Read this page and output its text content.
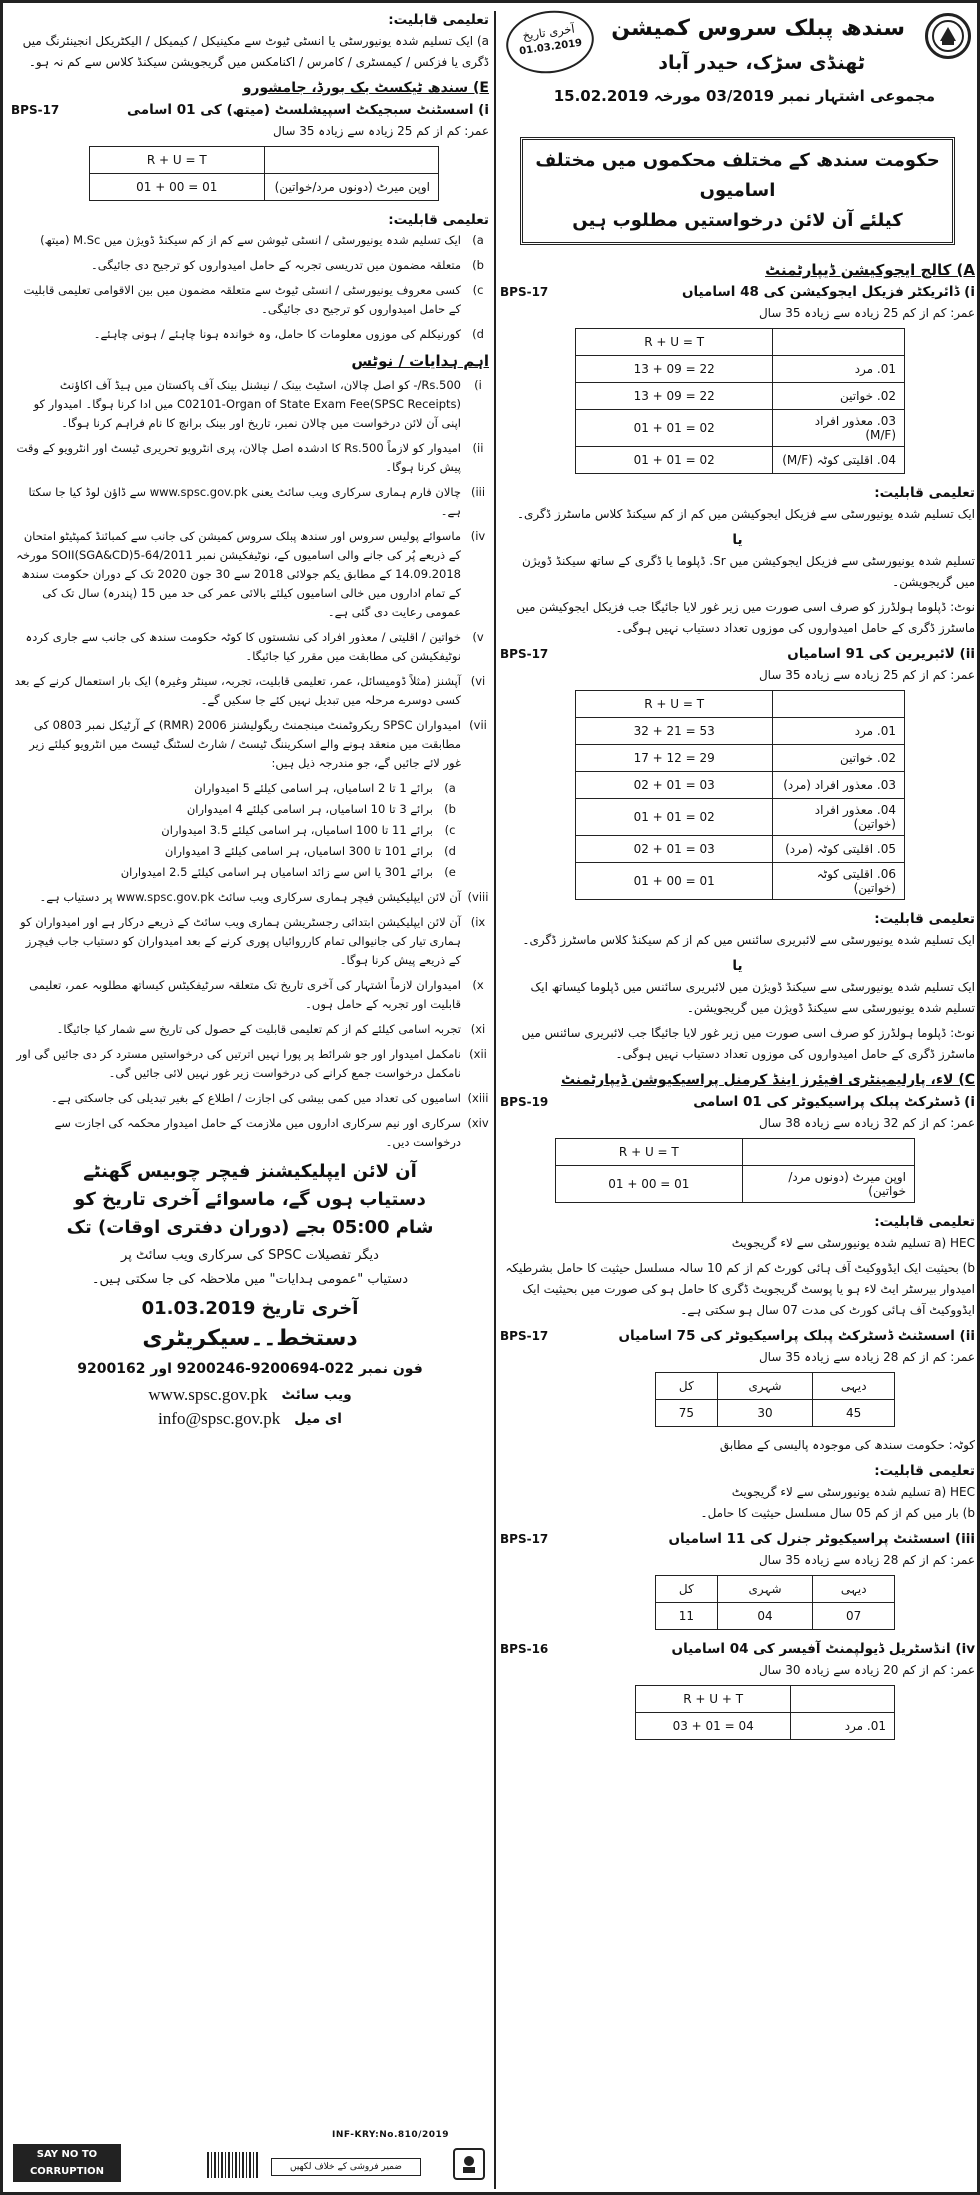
سندھ پبلک سروس کمیشن
ٹھنڈی سڑک، حیدر آباد
آخری تاریخ
01.03.2019
مجموعی اشتہار نمبر 03/2019 مورخہ 15.02.2019
حکومت سندھ کے مختلف محکموں میں مختلف اسامیوں
کیلئے آن لائن درخواستیں مطلوب ہیں
A) کالج ایجوکیشن ڈیپارٹمنٹ
BPS-17	i) ڈائریکٹر فزیکل ایجوکیشن کی 48 اسامیاں
عمر: کم از کم 25 زیادہ سے زیادہ 35 سال
R + U = T	
13 + 09 = 22	01. مرد
13 + 09 = 22	02. خواتین
01 + 01 = 02	03. معذور افراد (M/F)
01 + 01 = 02	04. اقلیتی کوٹہ (M/F)
تعلیمی قابلیت:
ایک تسلیم شدہ یونیورسٹی سے فزیکل ایجوکیشن میں کم از کم سیکنڈ کلاس ماسٹرز ڈگری۔
یا
تسلیم شدہ یونیورسٹی سے فزیکل ایجوکیشن میں Sr. ڈپلوما یا ڈگری کے ساتھ سیکنڈ ڈویژن میں گریجویشن۔
نوٹ: ڈپلوما ہولڈرز کو صرف اسی صورت میں زیر غور لایا جائیگا جب فزیکل ایجوکیشن میں ماسٹرز ڈگری کے حامل امیدواروں کی موزوں تعداد دستیاب نہیں ہوگی۔
BPS-17	ii) لائبریرین کی 91 اسامیاں
عمر: کم از کم 25 زیادہ سے زیادہ 35 سال
R + U = T	
32 + 21 = 53	01. مرد
17 + 12 = 29	02. خواتین
02 + 01 = 03	03. معذور افراد (مرد)
01 + 01 = 02	04. معذور افراد (خواتین)
02 + 01 = 03	05. اقلیتی کوٹہ (مرد)
01 + 00 = 01	06. اقلیتی کوٹہ (خواتین)
تعلیمی قابلیت:
ایک تسلیم شدہ یونیورسٹی سے لائبریری سائنس میں کم از کم سیکنڈ کلاس ماسٹرز ڈگری۔
یا
ایک تسلیم شدہ یونیورسٹی سے سیکنڈ ڈویژن میں لائبریری سائنس میں ڈپلوما کیساتھ ایک تسلیم شدہ یونیورسٹی سے سیکنڈ ڈویژن میں گریجویشن۔
نوٹ: ڈپلوما ہولڈرز کو صرف اسی صورت میں زیر غور لایا جائیگا جب لائبریری سائنس میں ماسٹرز ڈگری کے حامل امیدواروں کی موزوں تعداد دستیاب نہیں ہوگی۔
C) لاء، پارلیمینٹری افیئرز اینڈ کرمنل پراسیکیوشن ڈیپارٹمنٹ
BPS-19	i) ڈسٹرکٹ پبلک پراسیکیوٹر کی 01 اسامی
عمر: کم از کم 32 زیادہ سے زیادہ 38 سال
R + U = T	
01 + 00 = 01	اوپن میرٹ (دونوں مرد/خواتین)
تعلیمی قابلیت:
a) HEC تسلیم شدہ یونیورسٹی سے لاء گریجویٹ
b) بحیثیت ایک ایڈووکیٹ آف ہائی کورٹ کم از کم 10 سالہ مسلسل حیثیت کا حامل بشرطیکہ امیدوار بیرسٹر ایٹ لاء ہو یا پوسٹ گریجویٹ ڈگری کا حامل ہو کی صورت میں بحیثیت ایک ایڈووکیٹ آف ہائی کورٹ کی مدت 07 سال ہو سکتی ہے۔
BPS-17	ii) اسسٹنٹ ڈسٹرکٹ پبلک پراسیکیوٹر کی 75 اسامیاں
عمر: کم از کم 28 زیادہ سے زیادہ 35 سال
کل	شہری	دیہی
75	30	45
کوٹہ: حکومت سندھ کی موجودہ پالیسی کے مطابق
تعلیمی قابلیت:
a) HEC تسلیم شدہ یونیورسٹی سے لاء گریجویٹ
b) بار میں کم از کم 05 سال مسلسل حیثیت کا حامل۔
BPS-17	iii) اسسٹنٹ پراسیکیوٹر جنرل کی 11 اسامیاں
عمر: کم از کم 28 زیادہ سے زیادہ 35 سال
کل	شہری	دیہی
11	04	07
BPS-16	iv) انڈسٹریل ڈیولپمنٹ آفیسر کی 04 اسامیاں
عمر: کم از کم 20 زیادہ سے زیادہ 30 سال
R + U + T	
03 + 01 = 04	01. مرد
تعلیمی قابلیت:
a) ایک تسلیم شدہ یونیورسٹی یا انسٹی ٹیوٹ سے مکینیکل / کیمیکل / الیکٹریکل انجینئرنگ میں ڈگری یا فزکس / کیمسٹری / کامرس / اکنامکس میں گریجویشن سیکنڈ کلاس سے کم نہ ہو۔
E) سندھ ٹیکسٹ بک بورڈ، جامشورو
BPS-17	i) اسسٹنٹ سبجیکٹ اسپیشلسٹ (میتھ) کی 01 اسامی
عمر: کم از کم 25 زیادہ سے زیادہ 35 سال
R + U = T	
01 + 00 = 01	اوپن میرٹ (دونوں مرد/خواتین)
تعلیمی قابلیت:
a)
ایک تسلیم شدہ یونیورسٹی / انسٹی ٹیوشن سے کم از کم سیکنڈ ڈویژن میں M.Sc (میتھ)
b)
متعلقہ مضمون میں تدریسی تجربہ کے حامل امیدواروں کو ترجیح دی جائیگی۔
c)
کسی معروف یونیورسٹی / انسٹی ٹیوٹ سے متعلقہ مضمون میں بین الاقوامی تعلیمی قابلیت کے حامل امیدواروں کو ترجیح دی جائیگی۔
d)
کورنیکلم کی موزوں معلومات کا حامل، وہ خواندہ ہونا چاہئے / ہونی چاہئے۔
اہم ہدایات / نوٹس
i)
Rs.500/- کو اصل چالان، اسٹیٹ بینک / نیشنل بینک آف پاکستان میں ہیڈ آف اکاؤنٹ C02101-Organ of State Exam Fee(SPSC Receipts) میں ادا کرنا ہوگا۔ امیدوار کو اپنی آن لائن درخواست میں چالان نمبر، تاریخ اور بینک برانچ کا نام فراہم کرنا ہوگا۔
ii)
امیدوار کو لازماً Rs.500 کا ادشدہ اصل چالان، پری انٹرویو تحریری ٹیسٹ اور انٹرویو کے وقت پیش کرنا ہوگا۔
iii)
چالان فارم ہماری سرکاری ویب سائٹ یعنی www.spsc.gov.pk سے ڈاؤن لوڈ کیا جا سکتا ہے۔
iv)
ماسوائے پولیس سروس اور سندھ پبلک سروس کمیشن کی جانب سے کمبائنڈ کمپٹیٹو امتحان کے ذریعے پُر کی جانے والی اسامیوں کے، نوٹیفکیشن نمبر SOII(SGA&CD)5-64/2011 مورخہ 14.09.2018 کے مطابق یکم جولائی 2018 سے 30 جون 2020 تک کے دوران حکومت سندھ کے تمام اداروں میں خالی اسامیوں کیلئے بالائی عمر کی حد میں 15 (پندرہ) سال تک کی عمومی رعایت دی گئی ہے۔
v)
خواتین / اقلیتی / معذور افراد کی نشستوں کا کوٹہ حکومت سندھ کی جانب سے جاری کردہ نوٹیفکیشن کی مطابقت میں مقرر کیا جائیگا۔
vi)
آپشنز (مثلاً ڈومیسائل، عمر، تعلیمی قابلیت، تجربہ، سینٹر وغیرہ) ایک بار استعمال کرنے کے بعد کسی دوسرے مرحلہ میں تبدیل نہیں کئے جا سکیں گے۔
vii)
امیدواران SPSC ریکروٹمنٹ مینجمنٹ ریگولیشنز 2006 (RMR) کے آرٹیکل نمبر 0803 کی مطابقت میں منعقد ہونے والے اسکریننگ ٹیسٹ / شارٹ لسٹنگ ٹیسٹ میں انٹرویو کیلئے زیر غور لائے جائیں گے، جو مندرجہ ذیل ہیں:
a)
برائے 1 تا 2 اسامیاں، ہر اسامی کیلئے 5 امیدواران
b)
برائے 3 تا 10 اسامیاں، ہر اسامی کیلئے 4 امیدواران
c)
برائے 11 تا 100 اسامیاں، ہر اسامی کیلئے 3.5 امیدواران
d)
برائے 101 تا 300 اسامیاں، ہر اسامی کیلئے 3 امیدواران
e)
برائے 301 یا اس سے زائد اسامیاں ہر اسامی کیلئے 2.5 امیدواران
viii)
آن لائن ایپلیکیشن فیچر ہماری سرکاری ویب سائٹ www.spsc.gov.pk پر دستیاب ہے۔
ix)
آن لائن ایپلیکیشن ابتدائی رجسٹریشن ہماری ویب سائٹ کے ذریعے درکار ہے اور امیدواران کو ہماری تیار کی جانیوالی تمام کارروائیاں پوری کرنے کے بعد امیدواران کو دستیاب جاب فیچرز کے ذریعے پیش کرنا ہوگا۔
x)
امیدواران لازماً اشتہار کی آخری تاریخ تک متعلقہ سرٹیفکیٹس کیساتھ مطلوبہ عمر، تعلیمی قابلیت اور تجربہ کے حامل ہوں۔
xi)
تجربہ اسامی کیلئے کم از کم تعلیمی قابلیت کے حصول کی تاریخ سے شمار کیا جائیگا۔
xii)
نامکمل امیدوار اور جو شرائط پر پورا نہیں اترتیں کی درخواستیں مسترد کر دی جائیں گی اور نامکمل درخواست جمع کرانے کی درخواست زیر غور نہیں لائی جائیں گی۔
xiii)
اسامیوں کی تعداد میں کمی بیشی کی اجازت / اطلاع کے بغیر تبدیلی کی جاسکتی ہے۔
xiv)
سرکاری اور نیم سرکاری اداروں میں ملازمت کے حامل امیدوار محکمہ کی اجازت سے درخواست دیں۔
آن لائن ایپلیکیشنز فیچر چوبیس گھنٹے
دستیاب ہوں گے، ماسوائے آخری تاریخ کو
شام 05:00 بجے (دوران دفتری اوقات) تک
دیگر تفصیلات SPSC کی سرکاری ویب سائٹ پر
دستیاب "عمومی ہدایات" میں ملاحظہ کی جا سکتی ہیں۔
آخری تاریخ 01.03.2019
دستخط۔۔سیکریٹری
فون نمبر 022-9200694-9200246 اور 9200162
www.spsc.gov.pk ویب سائٹ
info@spsc.gov.pk ای میل
INF-KRY:No.810/2019
SAY NO TO
CORRUPTION	ضمیر فروشی کے خلاف لکھیں
